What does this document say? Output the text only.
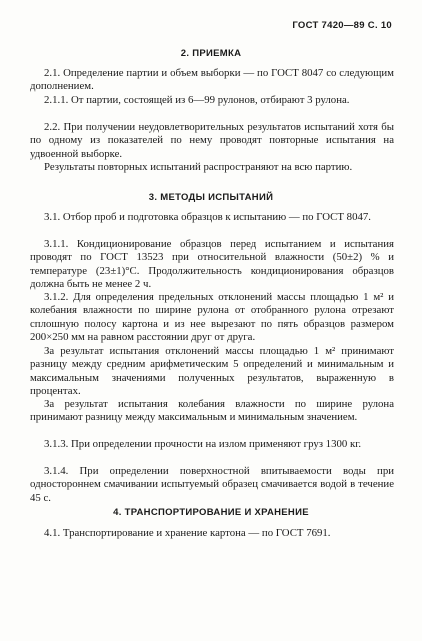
ГОСТ 7420—89 С. 10
2. ПРИЕМКА

2.1. Определение партии и объем выборки — по ГОСТ 8047 со следующим дополнением.

2.1.1. От партии, состоящей из 6—99 рулонов, отбирают 3 рулона.

2.2. При получении неудовлетворительных результатов испытаний хотя бы по одному из показателей по нему проводят повторные испытания на удвоенной выборке.

Результаты повторных испытаний распространяют на всю партию.

3. МЕТОДЫ ИСПЫТАНИЙ

3.1. Отбор проб и подготовка образцов к испытанию — по ГОСТ 8047.

3.1.1. Кондиционирование образцов перед испытанием и испытания проводят по ГОСТ 13523 при относительной влажности (50±2) % и температуре (23±1)°С. Продолжительность кондиционирования образцов должна быть не менее 2 ч.

3.1.2. Для определения предельных отклонений массы площадью 1 м² и колебания влажности по ширине рулона от отобранного рулона отрезают сплошную полосу картона и из нее вырезают по пять образцов размером 200×250 мм на равном расстоянии друг от друга.

За результат испытания отклонений массы площадью 1 м² принимают разницу между средним арифметическим 5 определений и минимальным и максимальным значениями полученных результатов, выраженную в процентах.

За результат испытания колебания влажности по ширине рулона принимают разницу между максимальным и минимальным значением.

3.1.3. При определении прочности на излом применяют груз 1300 кг.

3.1.4. При определении поверхностной впитываемости воды при одностороннем смачивании испытуемый образец смачивается водой в течение 45 с.

4. ТРАНСПОРТИРОВАНИЕ И ХРАНЕНИЕ

4.1. Транспортирование и хранение картона — по ГОСТ 7691.
